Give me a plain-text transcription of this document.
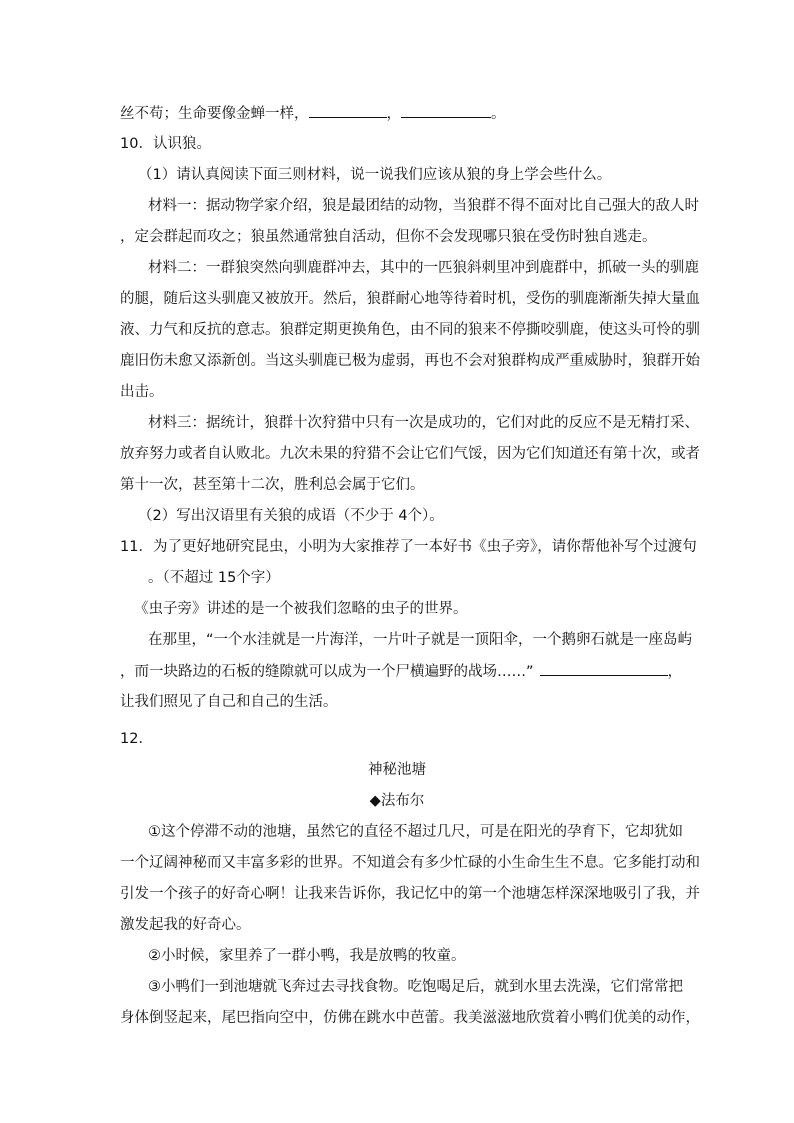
丝不苟；生命要像金蝉一样，	，	。
10．认识狼。
（1）请认真阅读下面三则材料，说一说我们应该从狼的身上学会些什么。
材料一：据动物学家介绍，狼是最团结的动物，当狼群不得不面对比自己强大的敌人时
，定会群起而攻之；狼虽然通常独自活动，但你不会发现哪只狼在受伤时独自逃走。
材料二：一群狼突然向驯鹿群冲去，其中的一匹狼斜刺里冲到鹿群中，抓破一头的驯鹿
的腿，随后这头驯鹿又被放开。然后，狼群耐心地等待着时机，受伤的驯鹿渐渐失掉大量血
液、力气和反抗的意志。狼群定期更换角色，由不同的狼来不停撕咬驯鹿，使这头可怜的驯
鹿旧伤未愈又添新创。当这头驯鹿已极为虚弱，再也不会对狼群构成严重威胁时，狼群开始
出击。
材料三：据统计，狼群十次狩猎中只有一次是成功的，它们对此的反应不是无精打采、
放弃努力或者自认败北。九次未果的狩猎不会让它们气馁，因为它们知道还有第十次，或者
第十一次，甚至第十二次，胜利总会属于它们。
（2）写出汉语里有关狼的成语（不少于 4个）。
11．为了更好地研究昆虫，小明为大家推荐了一本好书《虫子旁》，请你帮他补写个过渡句
。（不超过 15个字）
《虫子旁》讲述的是一个被我们忽略的虫子的世界。
在那里，“一个水洼就是一片海洋，一片叶子就是一顶阳伞，一个鹅卵石就是一座岛屿
，而一块路边的石板的缝隙就可以成为一个尸横遍野的战场……”	，
让我们照见了自己和自己的生活。
12．
神秘池塘
◆法布尔
①这个停滞不动的池塘，虽然它的直径不超过几尺，可是在阳光的孕育下，它却犹如
一个辽阔神秘而又丰富多彩的世界。不知道会有多少忙碌的小生命生生不息。它多能打动和
引发一个孩子的好奇心啊！让我来告诉你，我记忆中的第一个池塘怎样深深地吸引了我，并
激发起我的好奇心。
②小时候，家里养了一群小鸭，我是放鸭的牧童。
③小鸭们一到池塘就飞奔过去寻找食物。吃饱喝足后，就到水里去洗澡，它们常常把
身体倒竖起来，尾巴指向空中，仿佛在跳水中芭蕾。我美滋滋地欣赏着小鸭们优美的动作，
